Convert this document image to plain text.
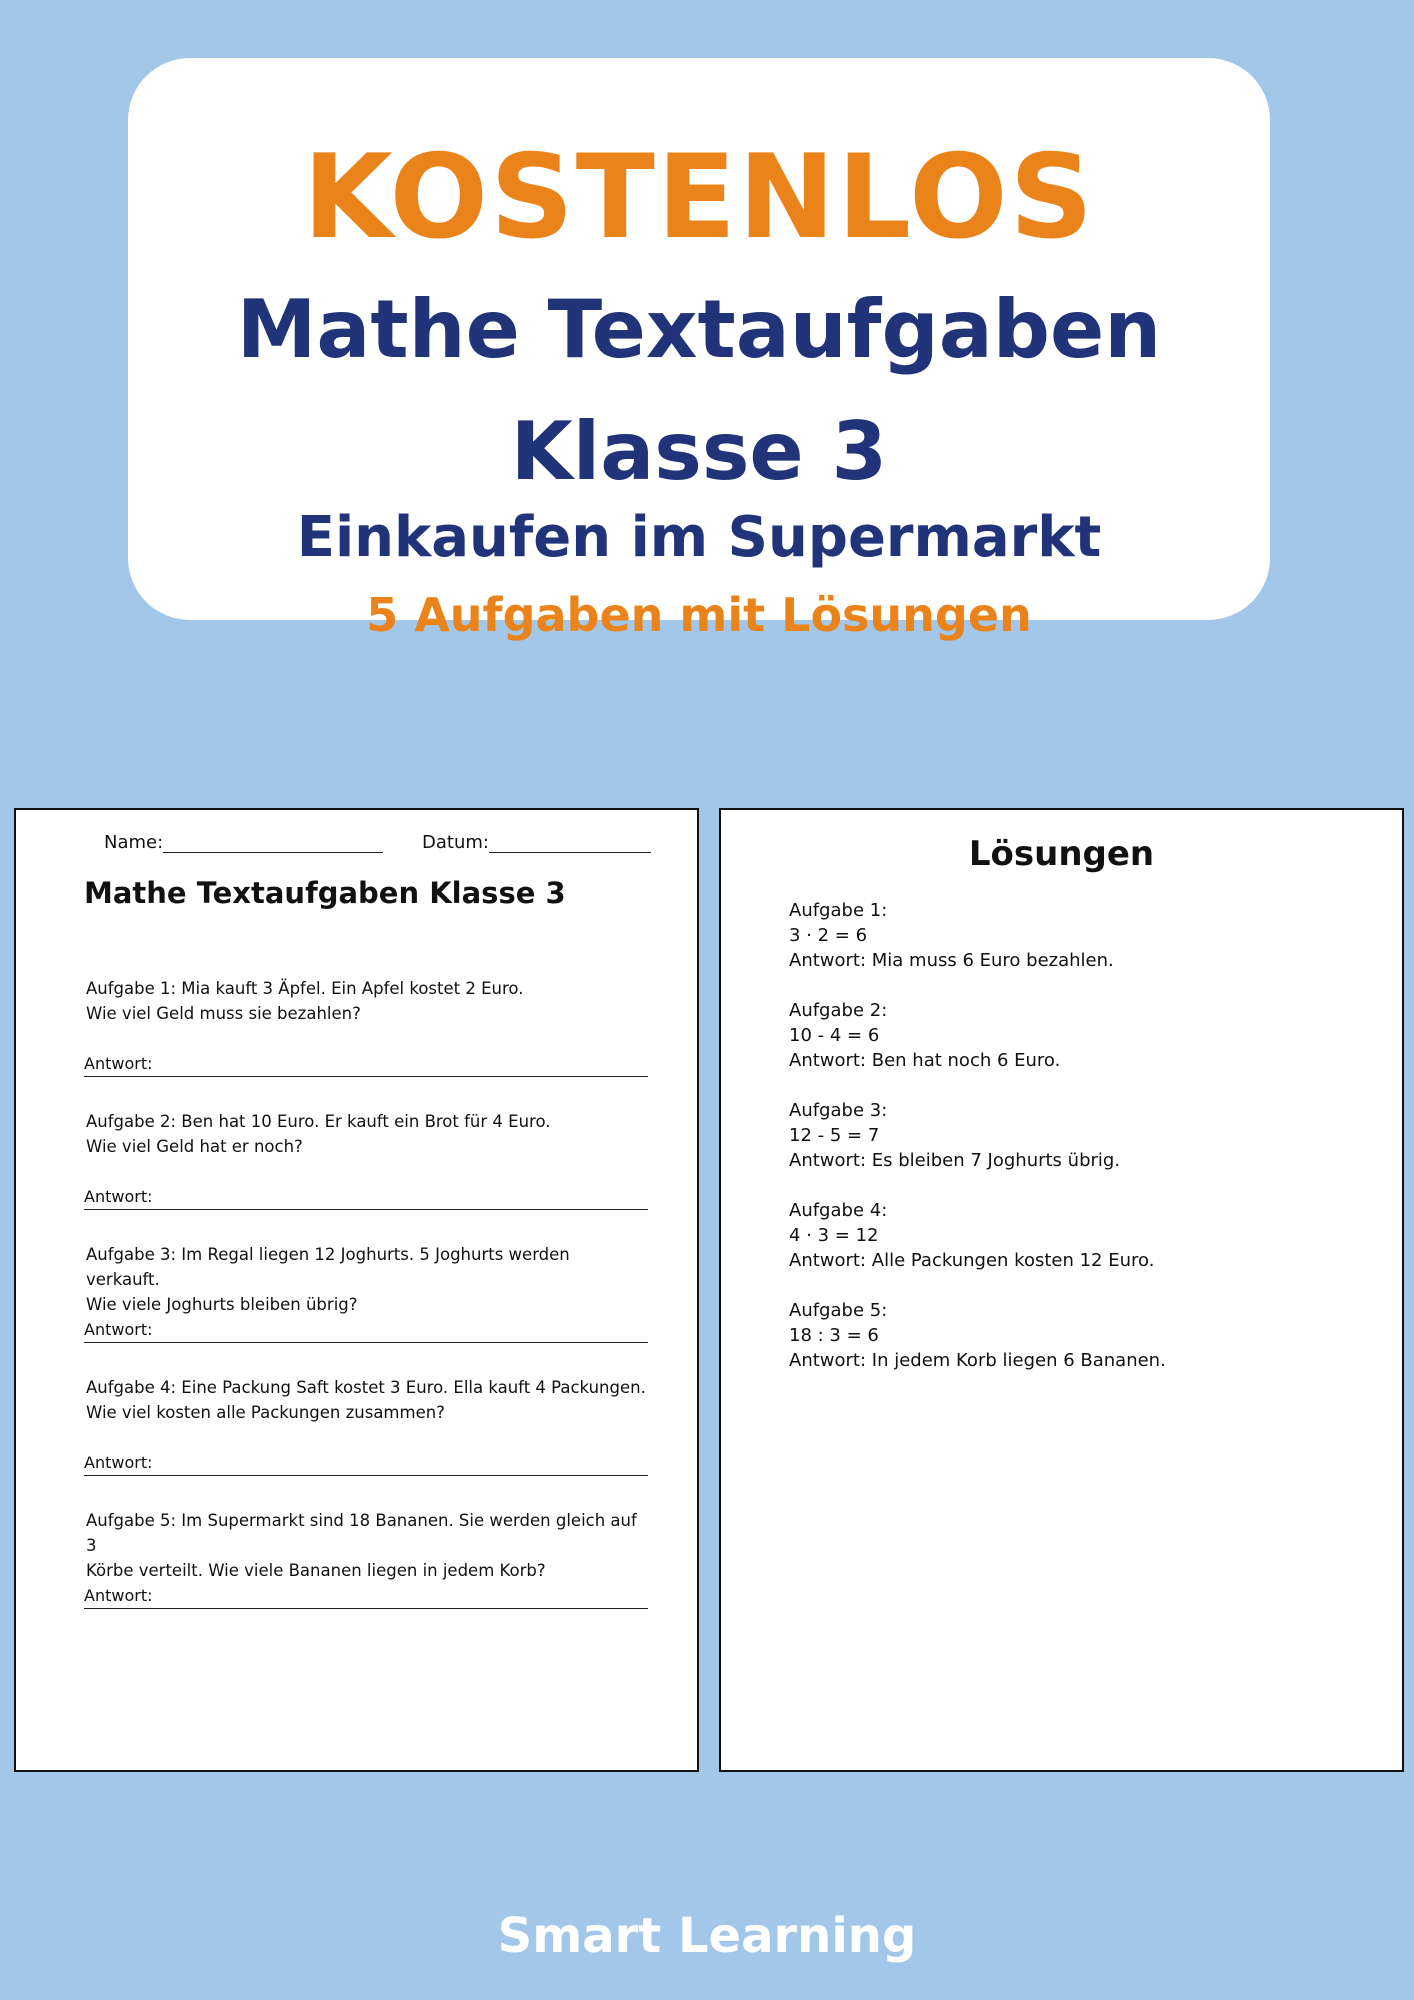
KOSTENLOS
Mathe Textaufgaben
Klasse 3
Einkaufen im Supermarkt
5 Aufgaben mit Lösungen
Name:	Datum:
Mathe Textaufgaben Klasse 3
Aufgabe 1: Mia kauft 3 Äpfel. Ein Apfel kostet 2 Euro.
Wie viel Geld muss sie bezahlen?
Antwort:
Aufgabe 2: Ben hat 10 Euro. Er kauft ein Brot für 4 Euro.
Wie viel Geld hat er noch?
Antwort:
Aufgabe 3: Im Regal liegen 12 Joghurts. 5 Joghurts werden verkauft.
Wie viele Joghurts bleiben übrig?
Antwort:
Aufgabe 4: Eine Packung Saft kostet 3 Euro. Ella kauft 4 Packungen.
Wie viel kosten alle Packungen zusammen?
Antwort:
Aufgabe 5: Im Supermarkt sind 18 Bananen. Sie werden gleich auf 3
Körbe verteilt. Wie viele Bananen liegen in jedem Korb?
Antwort:
Lösungen
Aufgabe 1:
3 · 2 = 6
Antwort: Mia muss 6 Euro bezahlen.
Aufgabe 2:
10 - 4 = 6
Antwort: Ben hat noch 6 Euro.
Aufgabe 3:
12 - 5 = 7
Antwort: Es bleiben 7 Joghurts übrig.
Aufgabe 4:
4 · 3 = 12
Antwort: Alle Packungen kosten 12 Euro.
Aufgabe 5:
18 : 3 = 6
Antwort: In jedem Korb liegen 6 Bananen.
Smart Learning
